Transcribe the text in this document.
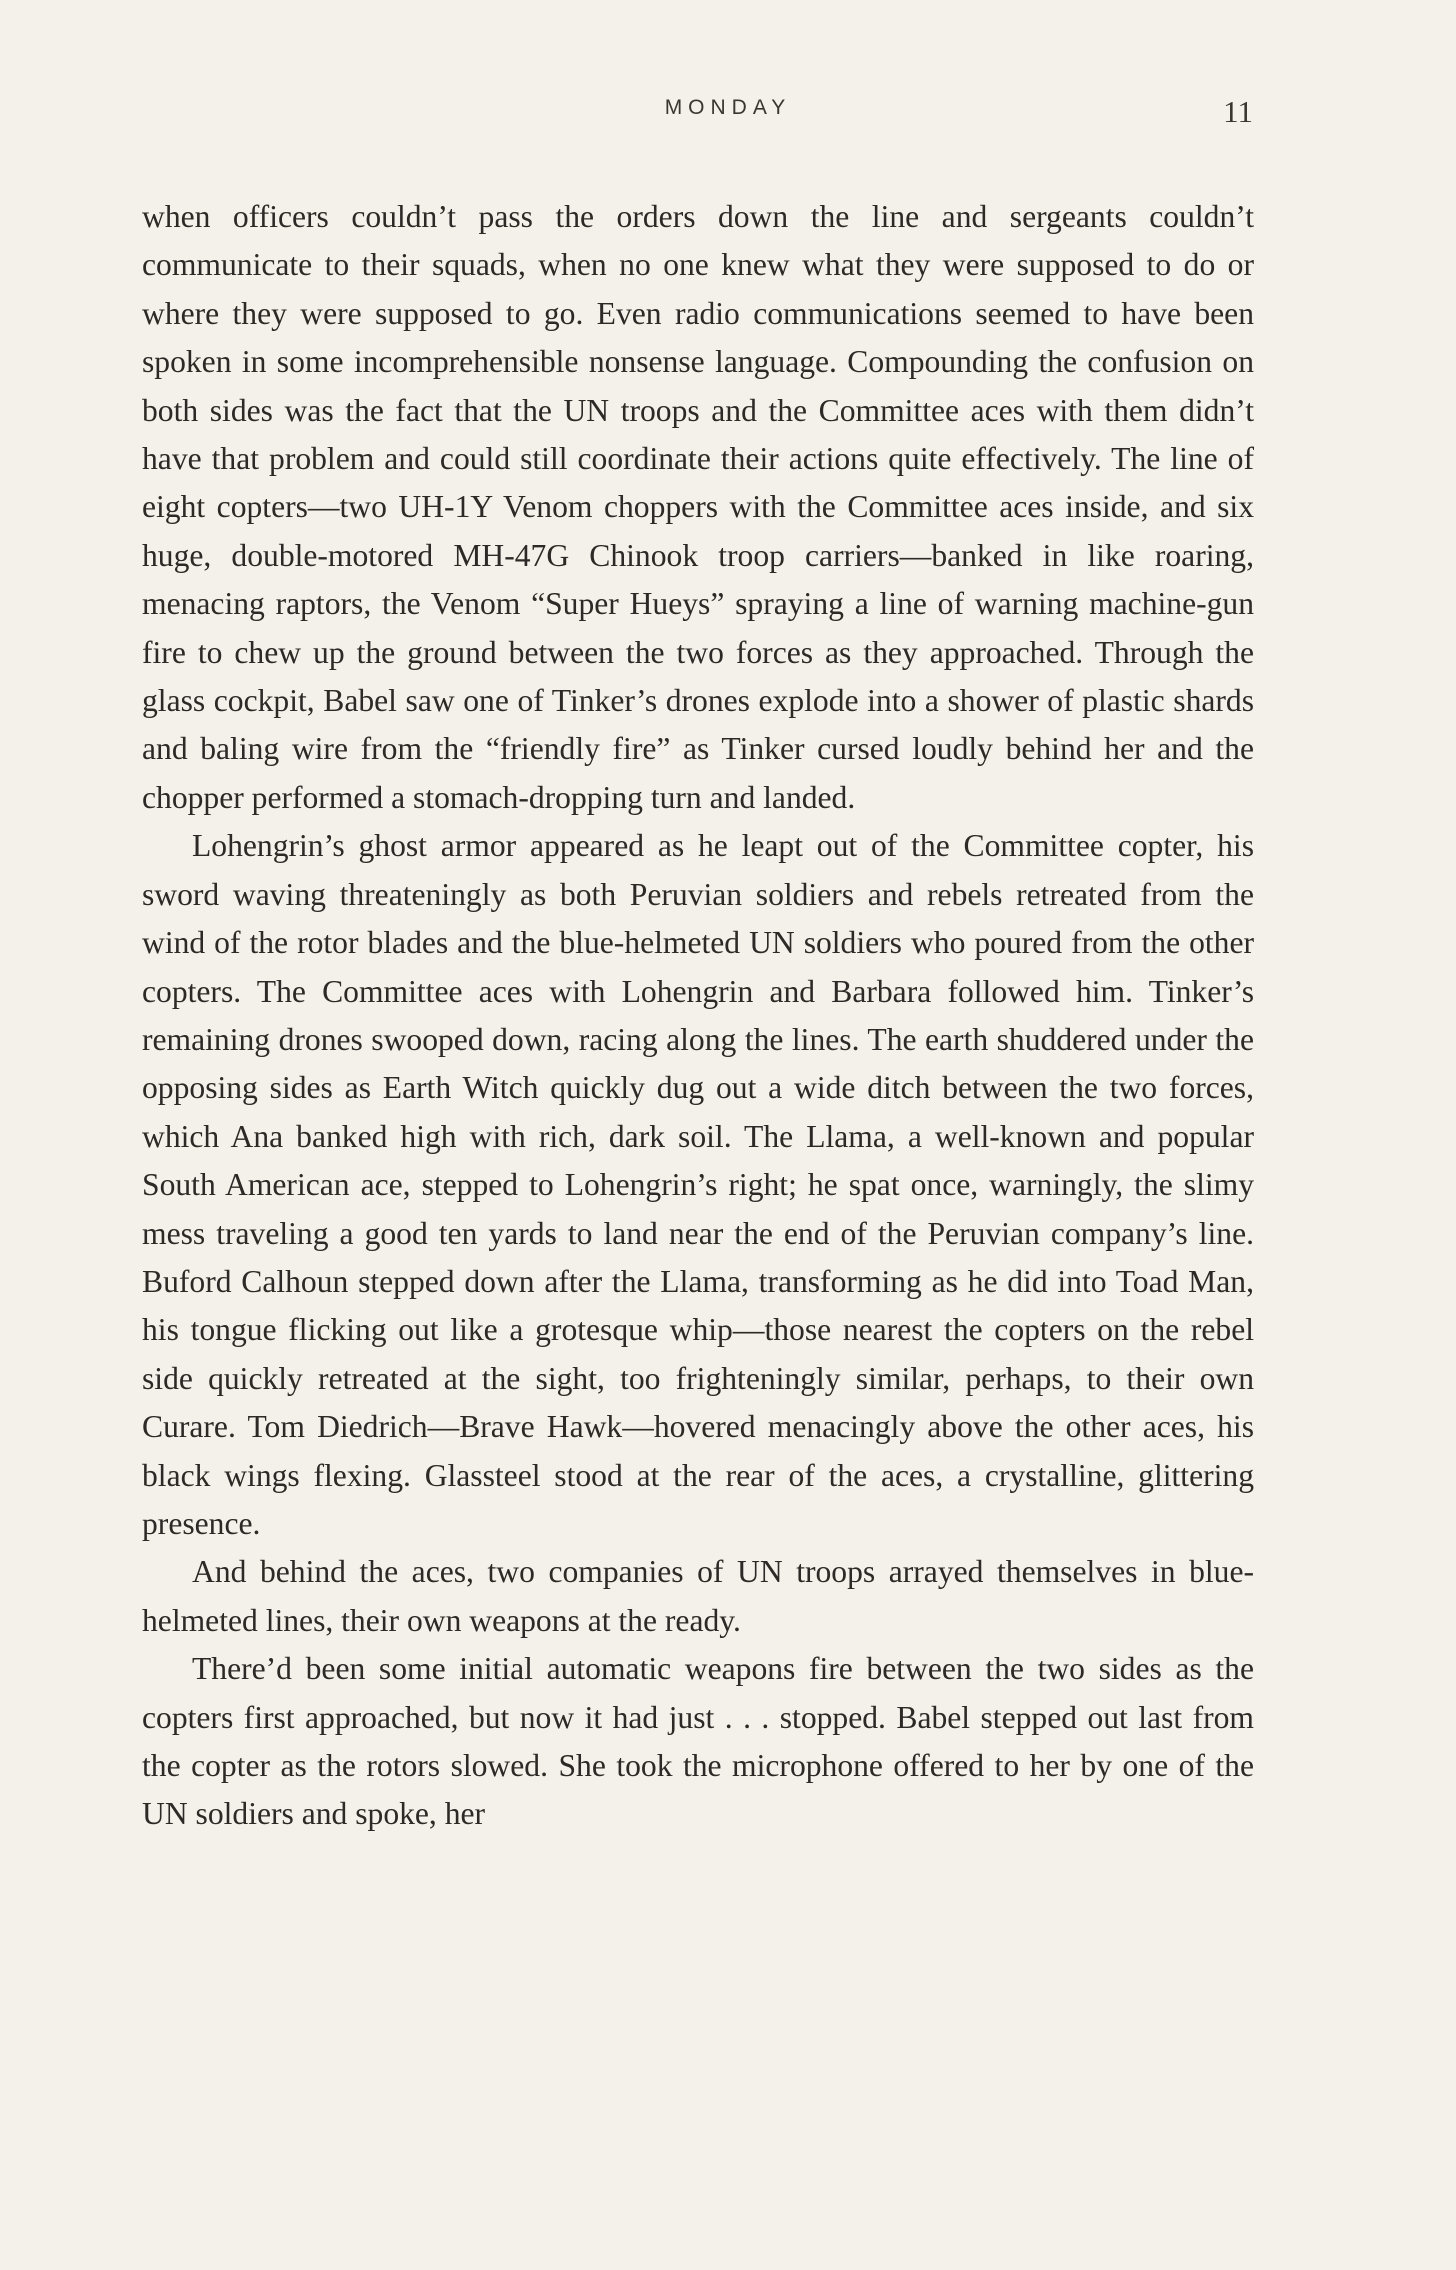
MONDAY	11

when officers couldn’t pass the orders down the line and sergeants couldn’t communicate to their squads, when no one knew what they were supposed to do or where they were supposed to go. Even radio communications seemed to have been spoken in some incomprehensible nonsense language. Compounding the confusion on both sides was the fact that the UN troops and the Committee aces with them didn’t have that problem and could still coordinate their actions quite effectively. The line of eight copters—two UH-1Y Venom choppers with the Committee aces inside, and six huge, double-motored MH-47G Chinook troop carriers—banked in like roaring, menacing raptors, the Venom “Super Hueys” spraying a line of warning machine-gun fire to chew up the ground between the two forces as they approached. Through the glass cockpit, Babel saw one of Tinker’s drones explode into a shower of plastic shards and baling wire from the “friendly fire” as Tinker cursed loudly behind her and the chopper performed a stomach-dropping turn and landed.

Lohengrin’s ghost armor appeared as he leapt out of the Committee copter, his sword waving threateningly as both Peruvian soldiers and rebels retreated from the wind of the rotor blades and the blue-helmeted UN soldiers who poured from the other copters. The Committee aces with Lohengrin and Barbara followed him. Tinker’s remaining drones swooped down, racing along the lines. The earth shuddered under the opposing sides as Earth Witch quickly dug out a wide ditch between the two forces, which Ana banked high with rich, dark soil. The Llama, a well-known and popular South American ace, stepped to Lohengrin’s right; he spat once, warningly, the slimy mess traveling a good ten yards to land near the end of the Peruvian company’s line. Buford Calhoun stepped down after the Llama, transforming as he did into Toad Man, his tongue flicking out like a grotesque whip—those nearest the copters on the rebel side quickly retreated at the sight, too frighteningly similar, perhaps, to their own Curare. Tom Diedrich—Brave Hawk—hovered menacingly above the other aces, his black wings flexing. Glassteel stood at the rear of the aces, a crystalline, glittering presence.

And behind the aces, two companies of UN troops arrayed themselves in blue-helmeted lines, their own weapons at the ready.

There’d been some initial automatic weapons fire between the two sides as the copters first approached, but now it had just . . . stopped. Babel stepped out last from the copter as the rotors slowed. She took the microphone offered to her by one of the UN soldiers and spoke, her
